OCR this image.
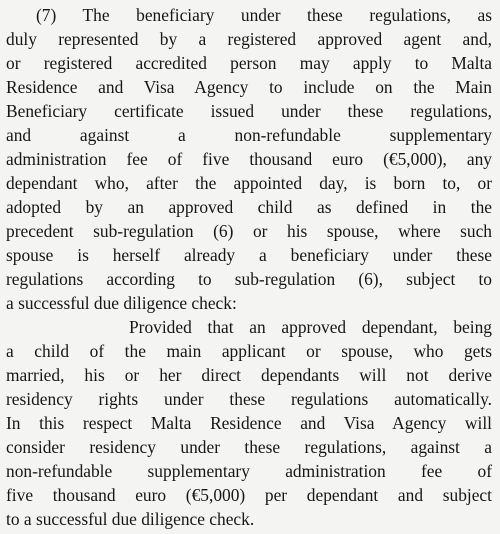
(7) The beneficiary under these regulations, as
duly represented by a registered approved agent and,
or registered accredited person may apply to Malta
Residence and Visa Agency to include on the Main
Beneficiary certificate issued under these regulations,
and against a non-refundable supplementary
administration fee of five thousand euro (€5,000), any
dependant who, after the appointed day, is born to, or
adopted by an approved child as defined in the
precedent sub-regulation (6) or his spouse, where such
spouse is herself already a beneficiary under these
regulations according to sub-regulation (6), subject to
a successful due diligence check:
Provided that an approved dependant, being
a child of the main applicant or spouse, who gets
married, his or her direct dependants will not derive
residency rights under these regulations automatically.
In this respect Malta Residence and Visa Agency will
consider residency under these regulations, against a
non-refundable supplementary administration fee of
five thousand euro (€5,000) per dependant and subject
to a successful due diligence check.
